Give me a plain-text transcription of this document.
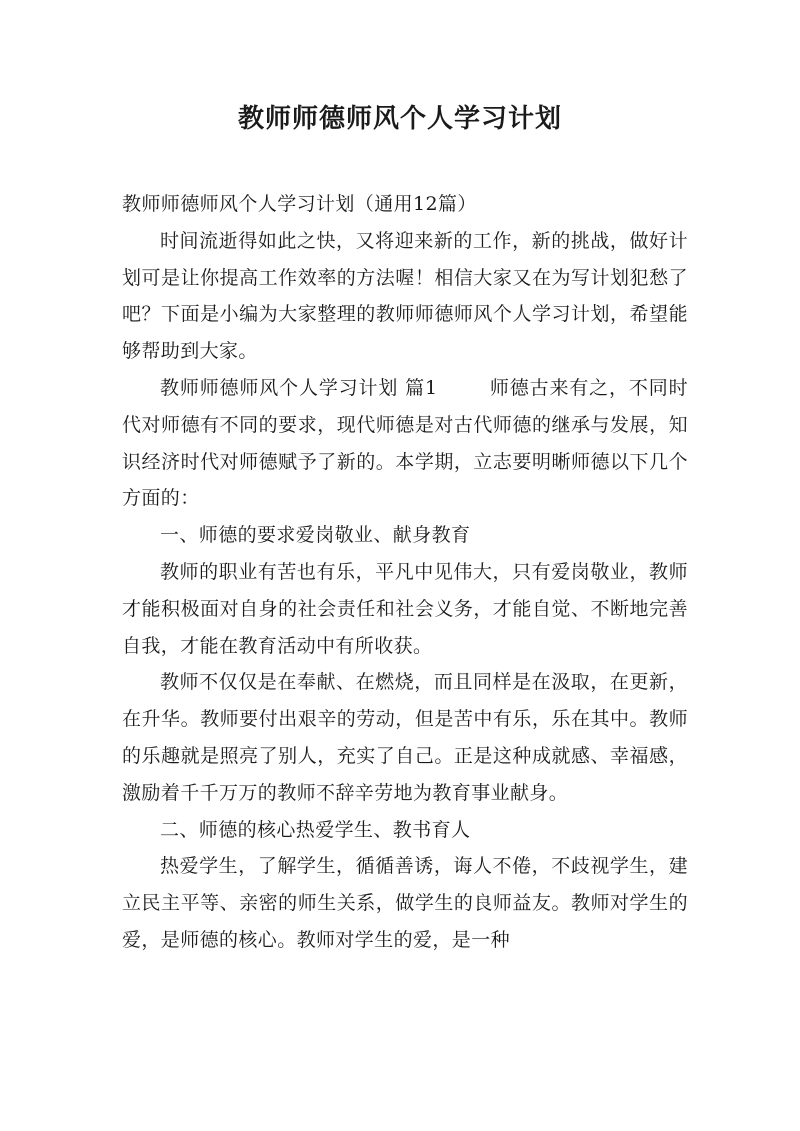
教师师德师风个人学习计划

教师师德师风个人学习计划（通用12篇）

时间流逝得如此之快，又将迎来新的工作，新的挑战，做好计划可是让你提高工作效率的方法喔！相信大家又在为写计划犯愁了吧？下面是小编为大家整理的教师师德师风个人学习计划，希望能够帮助到大家。

教师师德师风个人学习计划 篇1	师德古来有之，不同时代对师德有不同的要求，现代师德是对古代师德的继承与发展，知识经济时代对师德赋予了新的。本学期，立志要明晰师德以下几个方面的：

一、师德的要求爱岗敬业、献身教育

教师的职业有苦也有乐，平凡中见伟大，只有爱岗敬业，教师才能积极面对自身的社会责任和社会义务，才能自觉、不断地完善自我，才能在教育活动中有所收获。

教师不仅仅是在奉献、在燃烧，而且同样是在汲取，在更新，在升华。教师要付出艰辛的劳动，但是苦中有乐，乐在其中。教师的乐趣就是照亮了别人，充实了自己。正是这种成就感、幸福感，激励着千千万万的教师不辞辛劳地为教育事业献身。

二、师德的核心热爱学生、教书育人

热爱学生，了解学生，循循善诱，诲人不倦，不歧视学生，建立民主平等、亲密的师生关系，做学生的良师益友。教师对学生的爱，是师德的核心。教师对学生的爱，是一种
